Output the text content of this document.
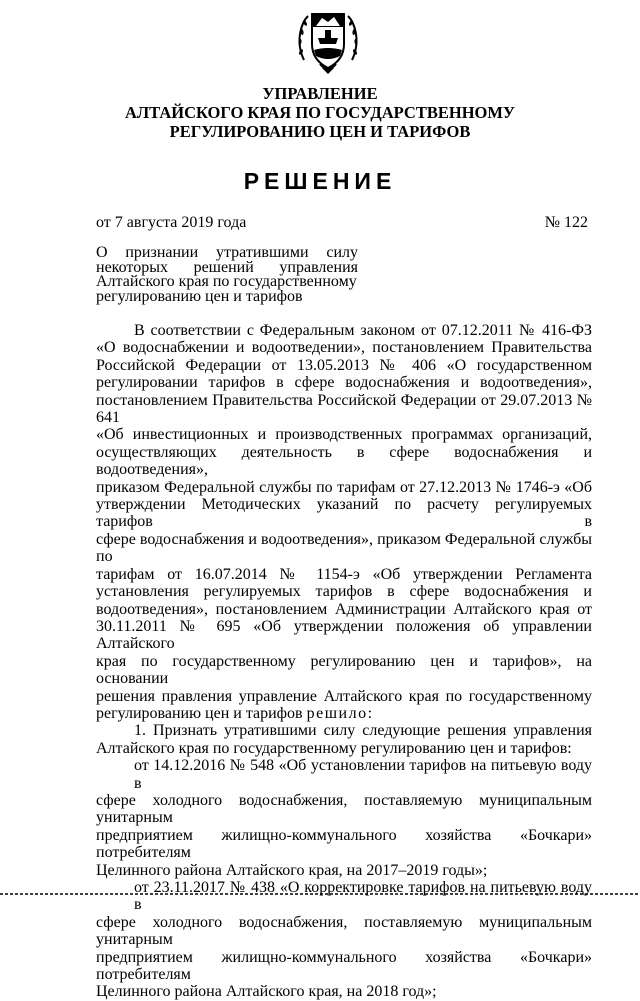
УПРАВЛЕНИЕ
АЛТАЙСКОГО КРАЯ ПО ГОСУДАРСТВЕННОМУ
РЕГУЛИРОВАНИЮ ЦЕН И ТАРИФОВ
РЕШЕНИЕ
от 7 августа 2019 года	№ 122
О признании утратившими силу
некоторых решений управления
Алтайского края по государственному
регулированию цен и тарифов
В соответствии с Федеральным законом от 07.12.2011 № 416-ФЗ
«О водоснабжении и водоотведении», постановлением Правительства
Российской Федерации от 13.05.2013 № 406 «О государственном
регулировании тарифов в сфере водоснабжения и водоотведения»,
постановлением Правительства Российской Федерации от 29.07.2013 № 641
«Об инвестиционных и производственных программах организаций,
осуществляющих деятельность в сфере водоснабжения и водоотведения»,
приказом Федеральной службы по тарифам от 27.12.2013 № 1746-э «Об
утверждении Методических указаний по расчету регулируемых тарифов в
сфере водоснабжения и водоотведения», приказом Федеральной службы по
тарифам от 16.07.2014 № 1154-э «Об утверждении Регламента
установления регулируемых тарифов в сфере водоснабжения и
водоотведения», постановлением Администрации Алтайского края от
30.11.2011 № 695 «Об утверждении положения об управлении Алтайского
края по государственному регулированию цен и тарифов», на основании
решения правления управление Алтайского края по государственному
регулированию цен и тарифов решило:
1. Признать утратившими силу следующие решения управления
Алтайского края по государственному регулированию цен и тарифов:
от 14.12.2016 № 548 «Об установлении тарифов на питьевую воду в
сфере холодного водоснабжения, поставляемую муниципальным унитарным
предприятием жилищно-коммунального хозяйства «Бочкари» потребителям
Целинного района Алтайского края, на 2017–2019 годы»;
от 23.11.2017 № 438 «О корректировке тарифов на питьевую воду в
сфере холодного водоснабжения, поставляемую муниципальным унитарным
предприятием жилищно-коммунального хозяйства «Бочкари» потребителям
Целинного района Алтайского края, на 2018 год»;
